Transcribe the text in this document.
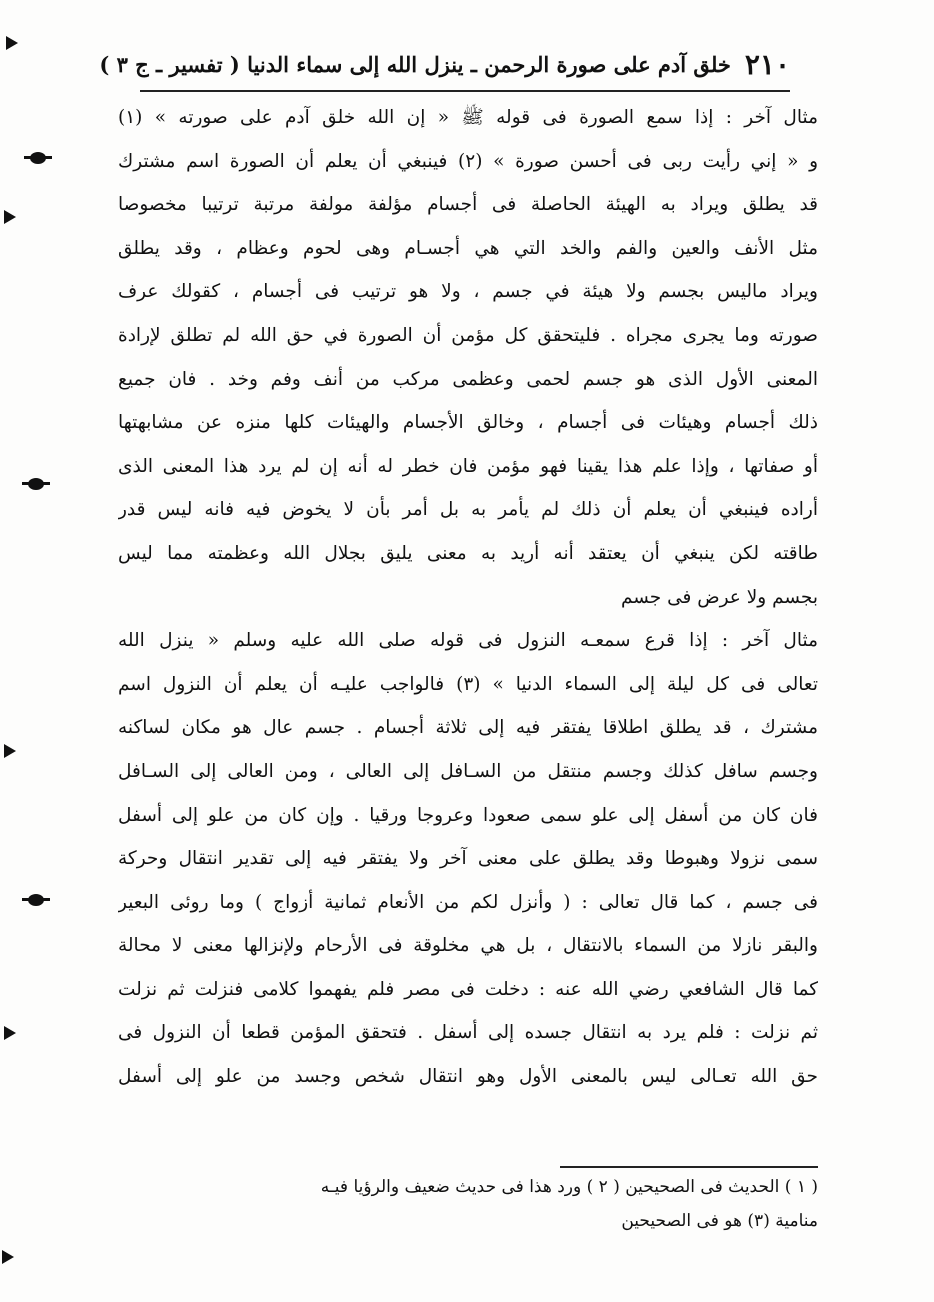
٢١٠
خلق آدم على صورة الرحمن ـ ينزل الله إلى سماء الدنيا ( تفسير ـ ج ٣ )
مثال آخر : إذا سمع الصورة فى قوله ﷺ « إن الله خلق آدم على صورته » (١)
و « إني رأيت ربى فى أحسن صورة » (٢) فينبغي أن يعلم أن الصورة اسم مشترك
قد يطلق ويراد به الهيئة الحاصلة فى أجسام مؤلفة مولفة مرتبة ترتيبا مخصوصا
مثل الأنف والعين والفم والخد التي هي أجسـام وهى لحوم وعظام ، وقد يطلق
ويراد ماليس بجسم ولا هيئة في جسم ، ولا هو ترتيب فى أجسام ، كقولك عرف
صورته وما يجرى مجراه . فليتحقق كل مؤمن أن الصورة في حق الله لم تطلق لإرادة
المعنى الأول الذى هو جسم لحمى وعظمى مركب من أنف وفم وخد . فان جميع
ذلك أجسام وهيئات فى أجسام ، وخالق الأجسام والهيئات كلها منزه عن مشابهتها
أو صفاتها ، وإذا علم هذا يقينا فهو مؤمن فان خطر له أنه إن لم يرد هذا المعنى الذى
أراده فينبغي أن يعلم أن ذلك لم يأمر به بل أمر بأن لا يخوض فيه فانه ليس قدر
طاقته لكن ينبغي أن يعتقد أنه أريد به معنى يليق بجلال الله وعظمته مما ليس
بجسم ولا عرض فى جسم
مثال آخر : إذا قرع سمعـه النزول فى قوله صلى الله عليه وسلم « ينزل الله
تعالى فى كل ليلة إلى السماء الدنيا » (٣) فالواجب عليـه أن يعلم أن النزول اسم
مشترك ، قد يطلق اطلاقا يفتقر فيه إلى ثلاثة أجسام . جسم عال هو مكان لساكنه
وجسم سافل كذلك وجسم منتقل من السـافل إلى العالى ، ومن العالى إلى السـافل
فان كان من أسفل إلى علو سمى صعودا وعروجا ورقيا . وإن كان من علو إلى أسفل
سمى نزولا وهبوطا وقد يطلق على معنى آخر ولا يفتقر فيه إلى تقدير انتقال وحركة
فى جسم ، كما قال تعالى : ( وأنزل لكم من الأنعام ثمانية أزواج ) وما روئى البعير
والبقر نازلا من السماء بالانتقال ، بل هي مخلوقة فى الأرحام ولإنزالها معنى لا محالة
كما قال الشافعي رضي الله عنه : دخلت فى مصر فلم يفهموا كلامى فنزلت ثم نزلت
ثم نزلت : فلم يرد به انتقال جسده إلى أسفل . فتحقق المؤمن قطعا أن النزول فى
حق الله تعـالى ليس بالمعنى الأول وهو انتقال شخص وجسد من علو إلى أسفل
( ١ ) الحديث فى الصحيحين ( ٢ ) ورد هذا فى حديث ضعيف والرؤيا فيـه
منامية (٣) هو فى الصحيحين
